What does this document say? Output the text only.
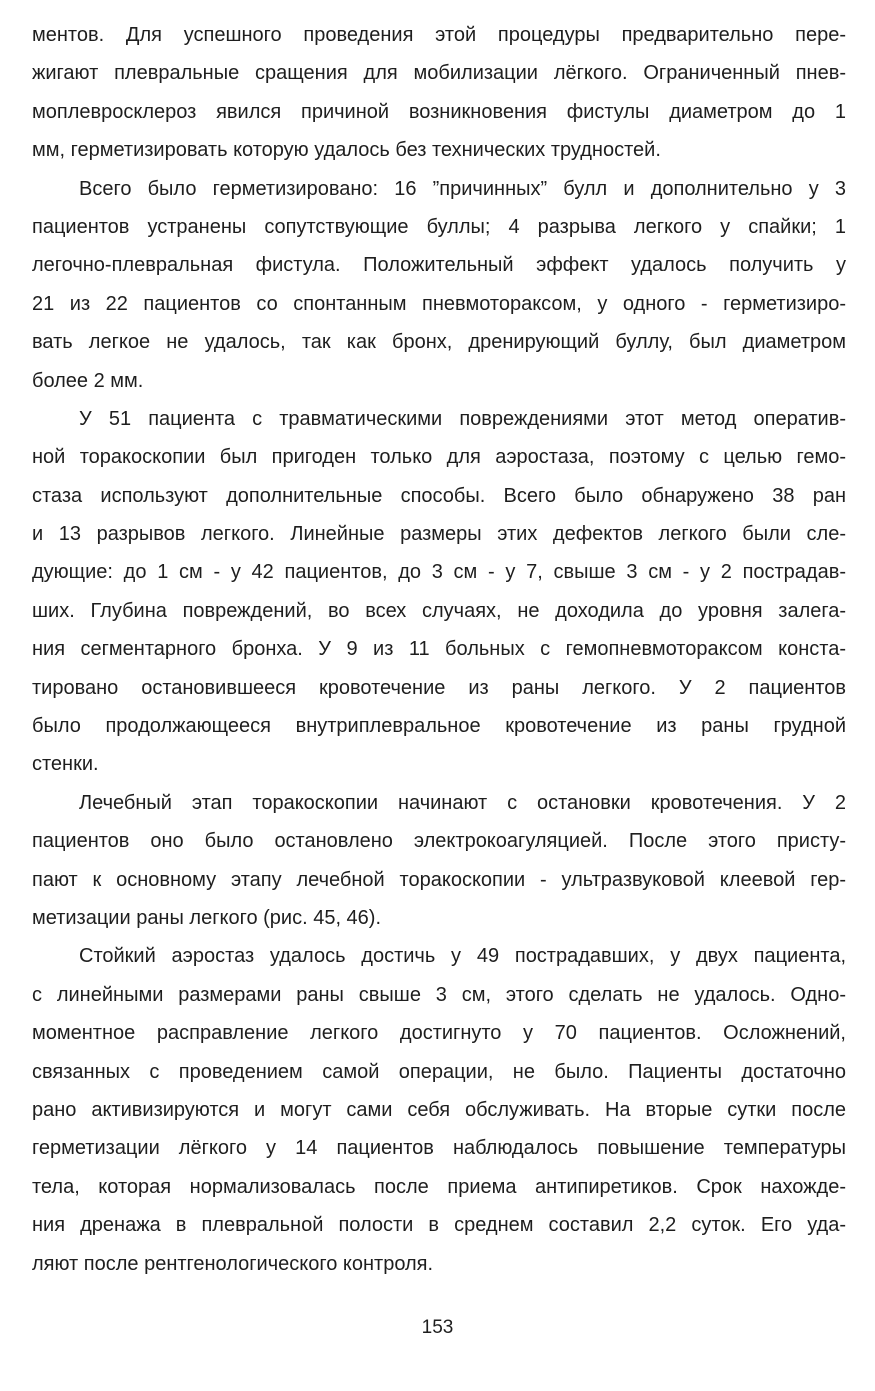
ментов. Для успешного проведения этой процедуры предварительно пере-
жигают плевральные сращения для мобилизации лёгкого. Ограниченный пнев-
моплевросклероз явился причиной возникновения фистулы диаметром до 1
мм, герметизировать которую удалось без технических трудностей.
Всего было герметизировано: 16 ”причинных” булл и дополнительно у 3
пациентов устранены сопутствующие буллы; 4 разрыва легкого у спайки; 1
легочно-плевральная фистула. Положительный эффект удалось получить у
21 из 22 пациентов со спонтанным пневмотораксом, у одного - герметизиро-
вать легкое не удалось, так как бронх, дренирующий буллу, был диаметром
более 2 мм.
У 51 пациента с травматическими повреждениями этот метод оператив-
ной торакоскопии был пригоден только для аэростаза, поэтому с целью гемо-
стаза используют дополнительные способы. Всего было обнаружено 38 ран
и 13 разрывов легкого. Линейные размеры этих дефектов легкого были сле-
дующие: до 1 см - у 42 пациентов, до 3 см - у 7, свыше 3 см - у 2 пострадав-
ших. Глубина повреждений, во всех случаях, не доходила до уровня залега-
ния сегментарного бронха. У 9 из 11 больных с гемопневмотораксом конста-
тировано остановившееся кровотечение из раны легкого. У 2 пациентов
было продолжающееся внутриплевральное кровотечение из раны грудной
стенки.
Лечебный этап торакоскопии начинают с остановки кровотечения. У 2
пациентов оно было остановлено электрокоагуляцией. После этого присту-
пают к основному этапу лечебной торакоскопии - ультразвуковой клеевой гер-
метизации раны легкого (рис. 45, 46).
Стойкий аэростаз удалось достичь у 49 пострадавших, у двух пациента,
с линейными размерами раны свыше 3 см, этого сделать не удалось. Одно-
моментное расправление легкого достигнуто у 70 пациентов. Осложнений,
связанных с проведением самой операции, не было. Пациенты достаточно
рано активизируются и могут сами себя обслуживать. На вторые сутки после
герметизации лёгкого у 14 пациентов наблюдалось повышение температуры
тела, которая нормализовалась после приема антипиретиков. Срок нахожде-
ния дренажа в плевральной полости в среднем составил 2,2 суток. Его уда-
ляют после рентгенологического контроля.
153
